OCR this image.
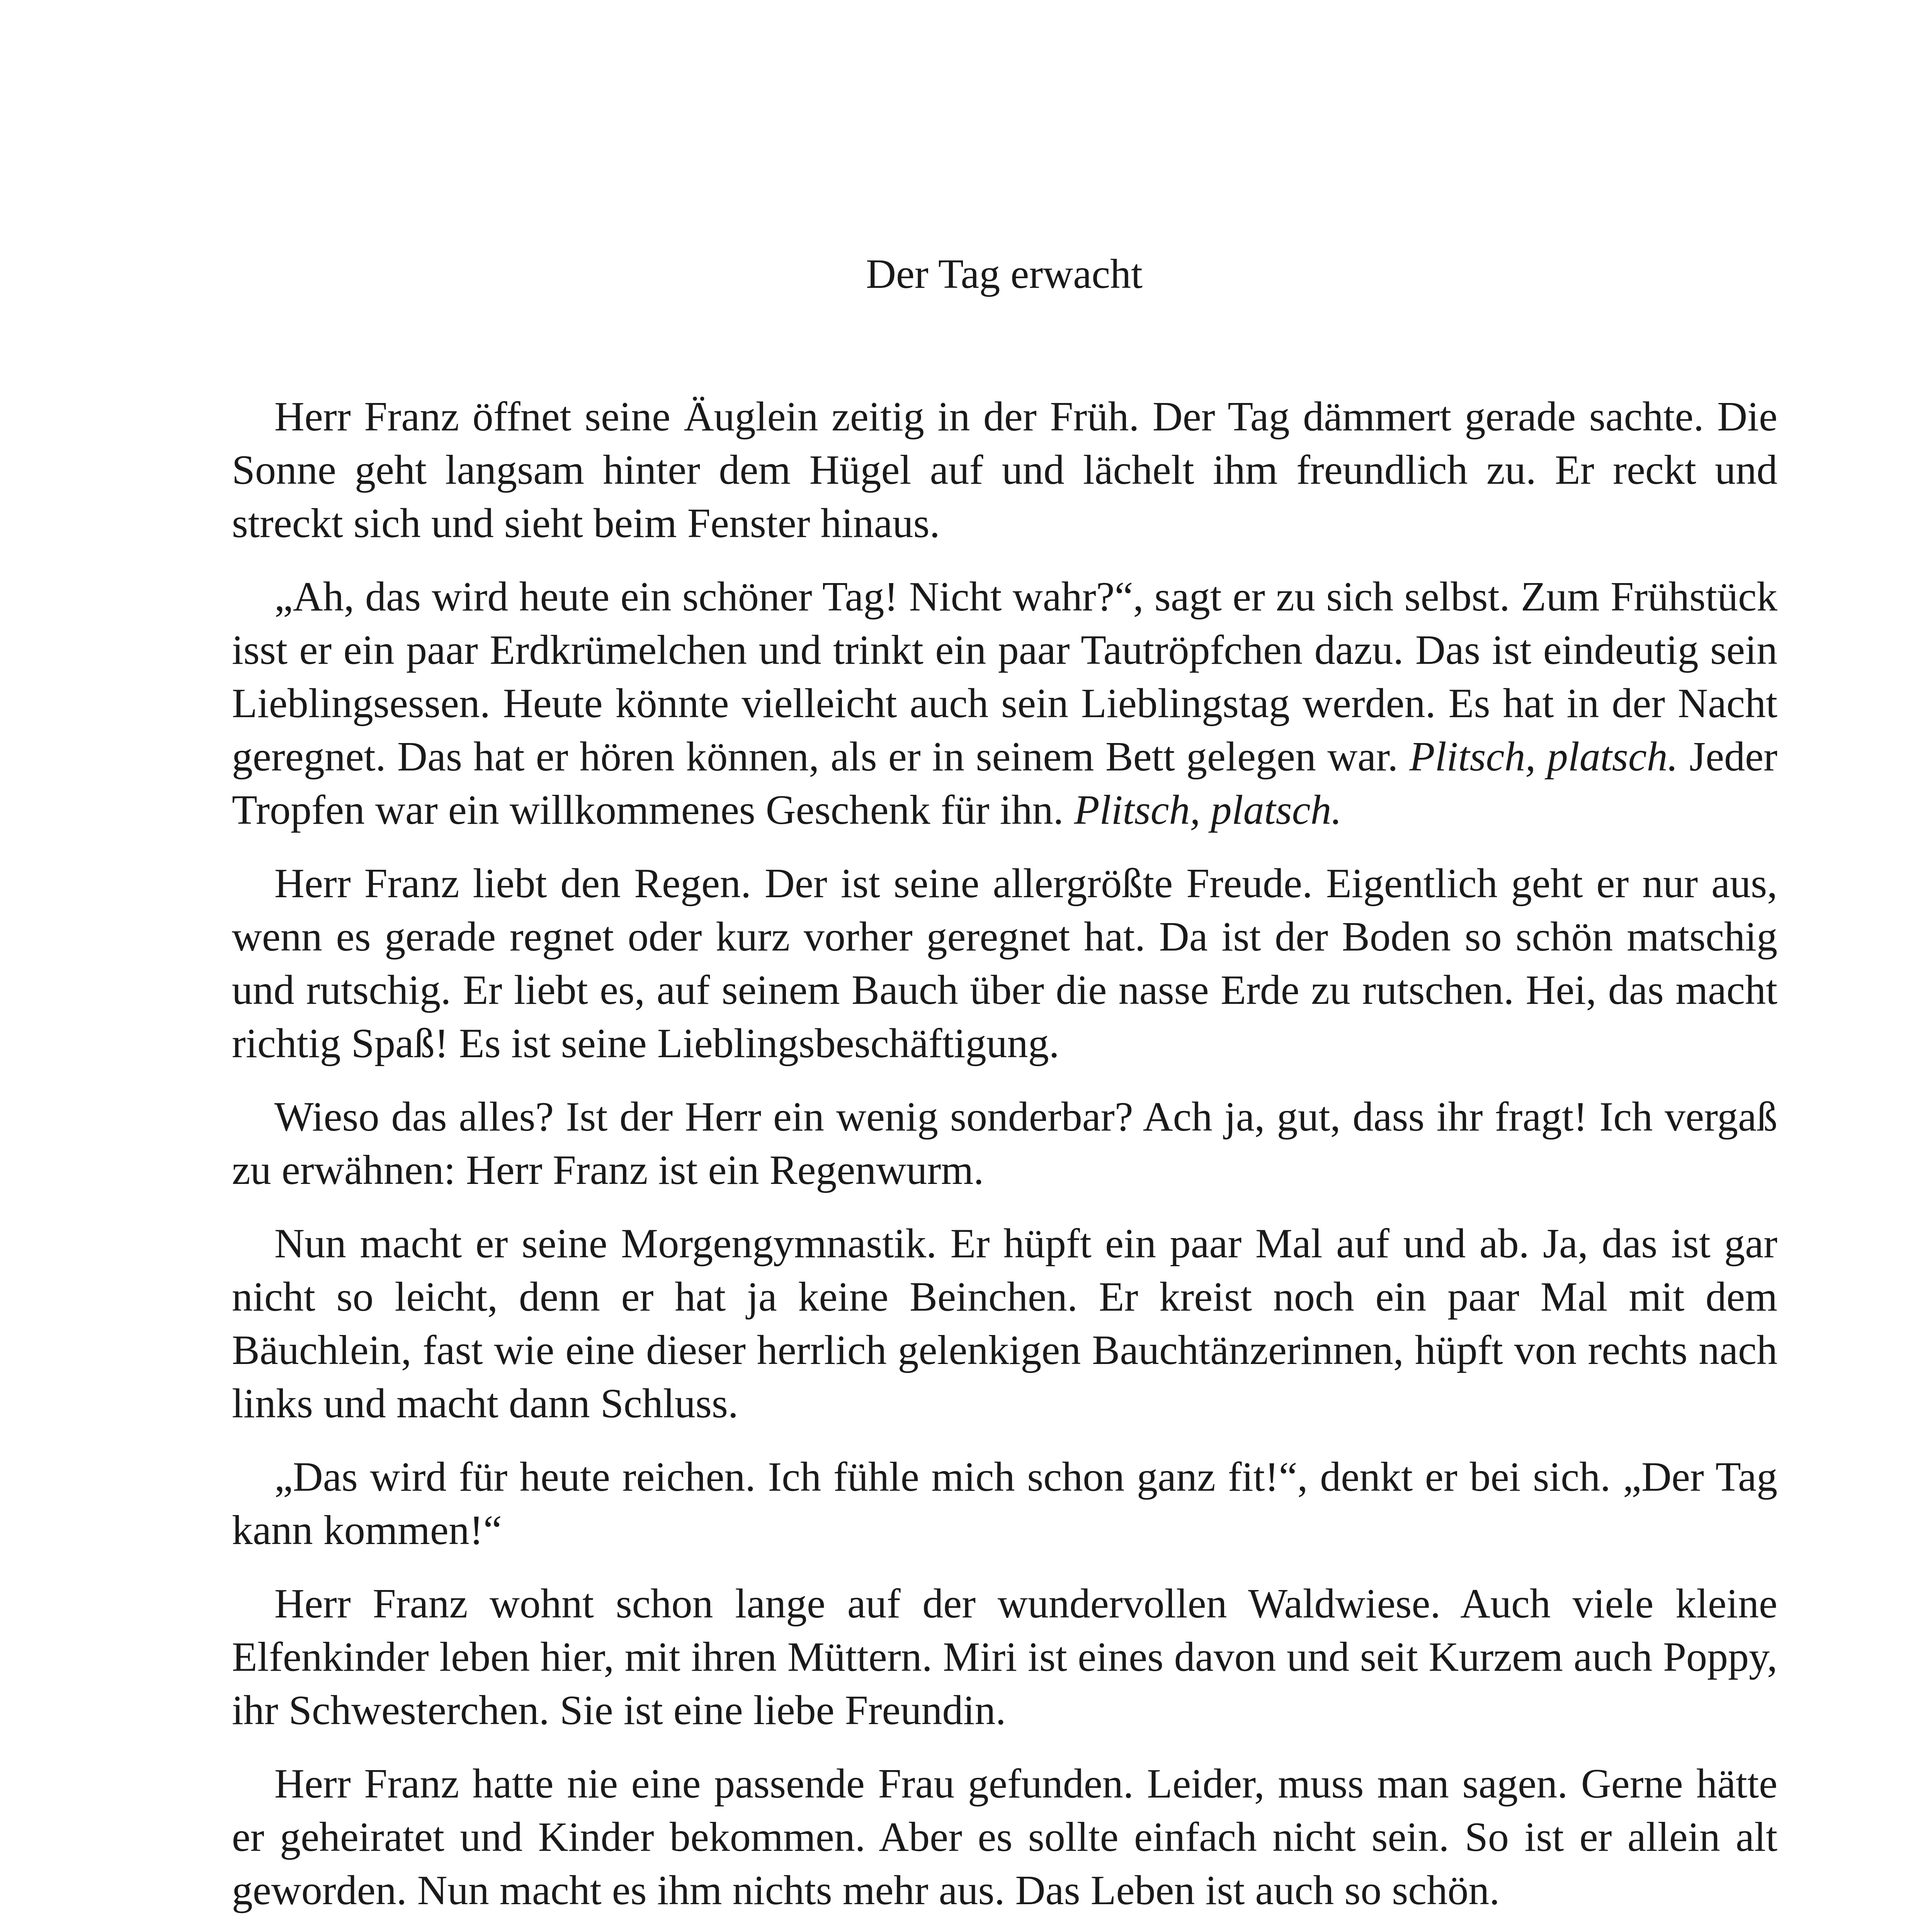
Der Tag erwacht

Herr Franz öffnet seine Äuglein zeitig in der Früh. Der Tag dämmert gerade sachte. Die Sonne geht langsam hinter dem Hügel auf und lächelt ihm freundlich zu. Er reckt und streckt sich und sieht beim Fenster hinaus.

„Ah, das wird heute ein schöner Tag! Nicht wahr?“, sagt er zu sich selbst. Zum Frühstück isst er ein paar Erdkrümelchen und trinkt ein paar Tautröpfchen dazu. Das ist eindeutig sein Lieblingsessen. Heute könnte vielleicht auch sein Lieblingstag werden. Es hat in der Nacht geregnet. Das hat er hören können, als er in seinem Bett gelegen war. Plitsch, platsch. Jeder Tropfen war ein willkommenes Geschenk für ihn. Plitsch, platsch.

Herr Franz liebt den Regen. Der ist seine allergrößte Freude. Eigentlich geht er nur aus, wenn es gerade regnet oder kurz vorher geregnet hat. Da ist der Boden so schön matschig und rutschig. Er liebt es, auf seinem Bauch über die nasse Erde zu rutschen. Hei, das macht richtig Spaß! Es ist seine Lieblingsbeschäftigung.

Wieso das alles? Ist der Herr ein wenig sonderbar? Ach ja, gut, dass ihr fragt! Ich vergaß zu erwähnen: Herr Franz ist ein Regenwurm.

Nun macht er seine Morgengymnastik. Er hüpft ein paar Mal auf und ab. Ja, das ist gar nicht so leicht, denn er hat ja keine Beinchen. Er kreist noch ein paar Mal mit dem Bäuchlein, fast wie eine dieser herrlich gelenkigen Bauchtänzerinnen, hüpft von rechts nach links und macht dann Schluss.

„Das wird für heute reichen. Ich fühle mich schon ganz fit!“, denkt er bei sich. „Der Tag kann kommen!“

Herr Franz wohnt schon lange auf der wundervollen Waldwiese. Auch viele kleine Elfenkinder leben hier, mit ihren Müttern. Miri ist eines davon und seit Kurzem auch Poppy, ihr Schwesterchen. Sie ist eine liebe Freundin.

Herr Franz hatte nie eine passende Frau gefunden. Leider, muss man sagen. Gerne hätte er geheiratet und Kinder bekommen. Aber es sollte einfach nicht sein. So ist er allein alt geworden. Nun macht es ihm nichts mehr aus. Das Leben ist auch so schön.
